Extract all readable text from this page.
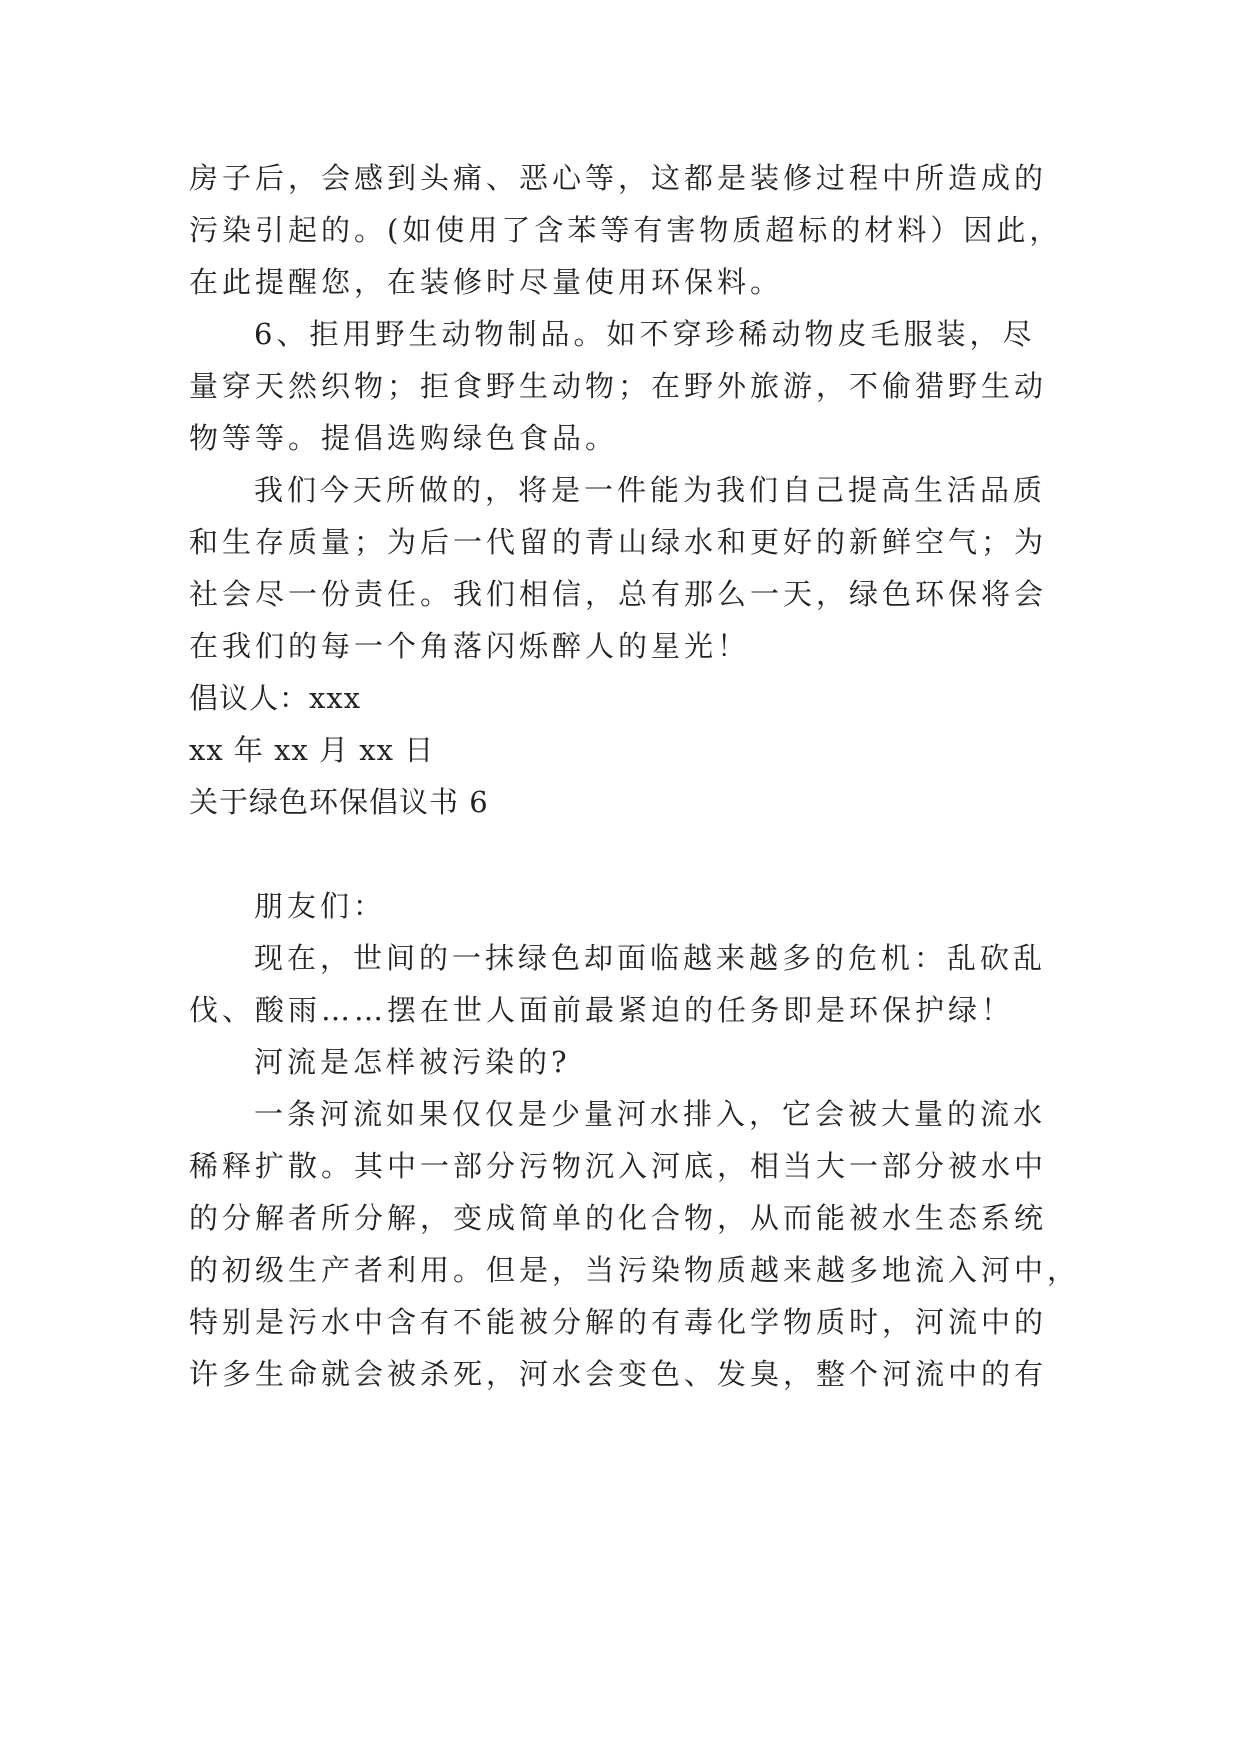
房子后，会感到头痛、恶心等，这都是装修过程中所造成的
污染引起的。(如使用了含苯等有害物质超标的材料）因此，
在此提醒您，在装修时尽量使用环保料。
6、拒用野生动物制品。如不穿珍稀动物皮毛服装，尽
量穿天然织物；拒食野生动物；在野外旅游，不偷猎野生动
物等等。提倡选购绿色食品。
我们今天所做的，将是一件能为我们自己提高生活品质
和生存质量；为后一代留的青山绿水和更好的新鲜空气；为
社会尽一份责任。我们相信，总有那么一天，绿色环保将会
在我们的每一个角落闪烁醉人的星光！
倡议人：xxx
xx 年 xx 月 xx 日
关于绿色环保倡议书 6
朋友们：
现在，世间的一抹绿色却面临越来越多的危机：乱砍乱
伐、酸雨……摆在世人面前最紧迫的任务即是环保护绿！
河流是怎样被污染的?
一条河流如果仅仅是少量河水排入，它会被大量的流水
稀释扩散。其中一部分污物沉入河底，相当大一部分被水中
的分解者所分解，变成简单的化合物，从而能被水生态系统
的初级生产者利用。但是，当污染物质越来越多地流入河中，
特别是污水中含有不能被分解的有毒化学物质时，河流中的
许多生命就会被杀死，河水会变色、发臭，整个河流中的有
